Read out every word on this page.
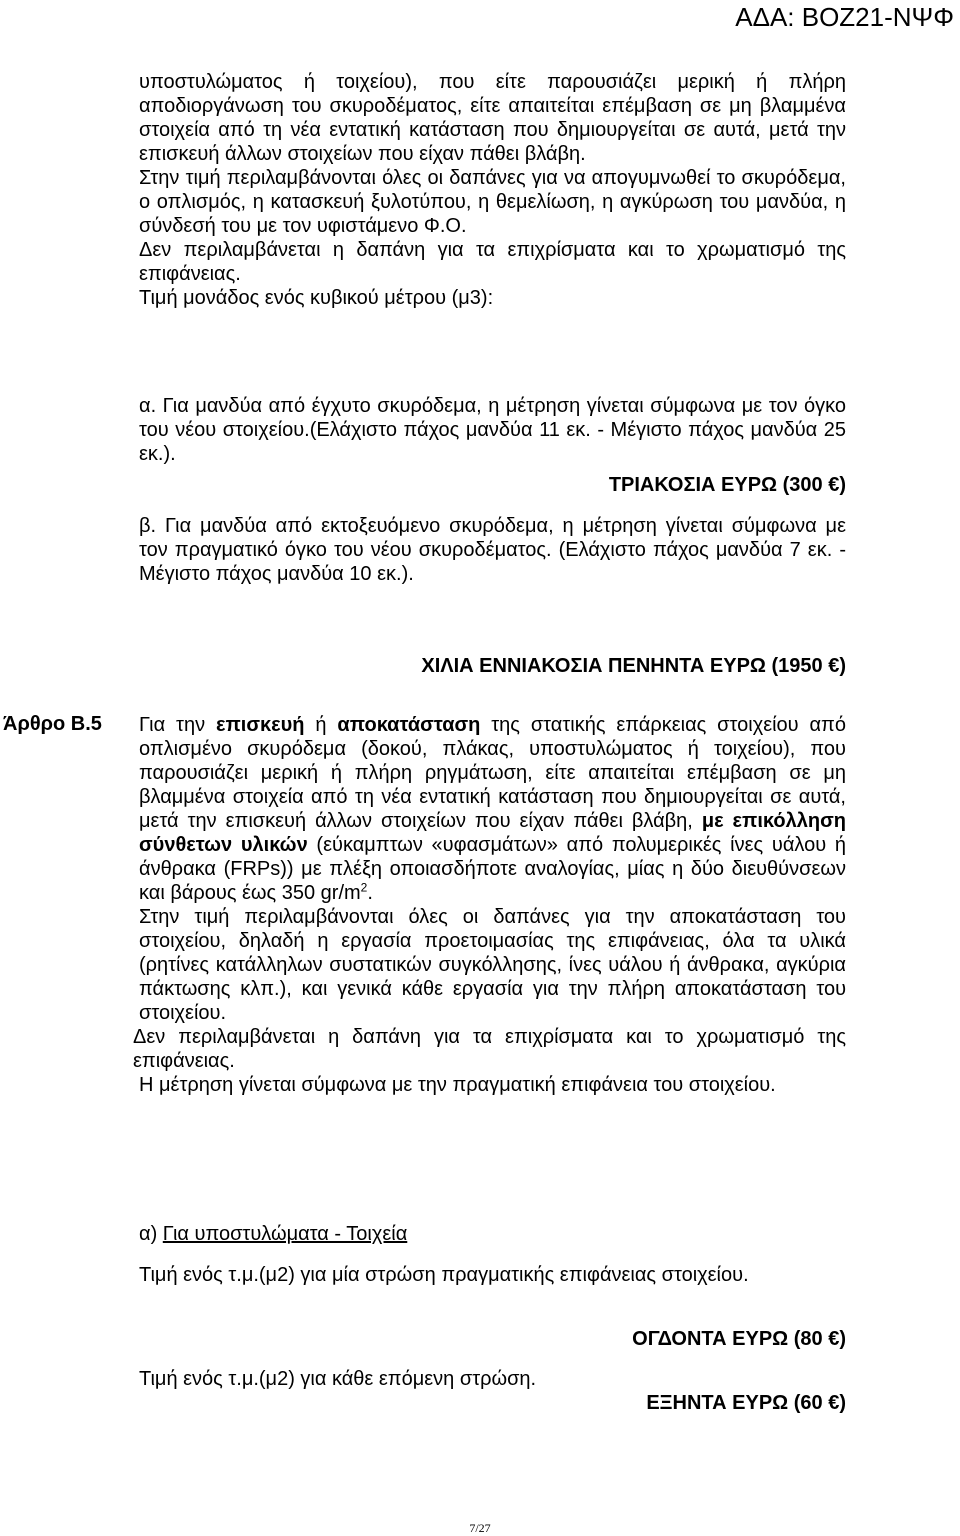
ΑΔΑ: ΒΟΖ21-ΝΨΦ

υποστυλώματος ή τοιχείου), που είτε παρουσιάζει μερική ή πλήρη αποδιοργάνωση του σκυροδέματος, είτε απαιτείται επέμβαση σε μη βλαμμένα στοιχεία από τη νέα εντατική κατάσταση που δημιουργείται σε αυτά, μετά την επισκευή άλλων στοιχείων που είχαν πάθει βλάβη.

Στην τιμή περιλαμβάνονται όλες οι δαπάνες για να απογυμνωθεί το σκυρόδεμα, ο οπλισμός, η κατασκευή ξυλοτύπου, η θεμελίωση, η αγκύρωση του μανδύα, η σύνδεσή του με τον υφιστάμενο Φ.Ο.

Δεν περιλαμβάνεται η δαπάνη για τα επιχρίσματα και το χρωματισμό της επιφάνειας.

Τιμή μονάδος ενός κυβικού μέτρου (μ3):

α. Για μανδύα από έγχυτο σκυρόδεμα, η μέτρηση γίνεται σύμφωνα με τον όγκο του νέου στοιχείου.(Ελάχιστο πάχος μανδύα 11 εκ. - Μέγιστο πάχος μανδύα 25 εκ.).

ΤΡΙΑΚΟΣΙΑ ΕΥΡΩ (300 €)

β. Για μανδύα από εκτοξευόμενο σκυρόδεμα, η μέτρηση γίνεται σύμφωνα με τον πραγματικό όγκο του νέου σκυροδέματος. (Ελάχιστο πάχος μανδύα 7 εκ. - Μέγιστο πάχος μανδύα 10 εκ.).

ΧΙΛΙΑ ΕΝΝΙΑΚΟΣΙΑ ΠΕΝΗΝΤΑ ΕΥΡΩ (1950 €)

Άρθρο Β.5 Για την επισκευή ή αποκατάσταση της στατικής επάρκειας στοιχείου από οπλισμένο σκυρόδεμα (δοκού, πλάκας, υποστυλώματος ή τοιχείου), που παρουσιάζει μερική ή πλήρη ρηγμάτωση, είτε απαιτείται επέμβαση σε μη βλαμμένα στοιχεία από τη νέα εντατική κατάσταση που δημιουργείται σε αυτά, μετά την επισκευή άλλων στοιχείων που είχαν πάθει βλάβη, με επικόλληση σύνθετων υλικών (εύκαμπτων «υφασμάτων» από πολυμερικές ίνες υάλου ή άνθρακα (FRPs)) με πλέξη οποιασδήποτε αναλογίας, μίας η δύο διευθύνσεων και βάρους έως 350 $gr/m^2$.

Στην τιμή περιλαμβάνονται όλες οι δαπάνες για την αποκατάσταση του στοιχείου, δηλαδή η εργασία προετοιμασίας της επιφάνειας, όλα τα υλικά (ρητίνες κατάλληλων συστατικών συγκόλλησης, ίνες υάλου ή άνθρακα, αγκύρια πάκτωσης κλπ.), και γενικά κάθε εργασία για την πλήρη αποκατάσταση του στοιχείου.

Δεν περιλαμβάνεται η δαπάνη για τα επιχρίσματα και το χρωματισμό της επιφάνειας.

Η μέτρηση γίνεται σύμφωνα με την πραγματική επιφάνεια του στοιχείου.

α) Για υποστυλώματα - Τοιχεία

Τιμή ενός τ.μ.(μ2) για μία στρώση πραγματικής επιφάνειας στοιχείου.

ΟΓΔΟΝΤΑ ΕΥΡΩ (80 €)

Τιμή ενός τ.μ.(μ2) για κάθε επόμενη στρώση.

ΕΞΗΝΤΑ ΕΥΡΩ (60 €)

7/27
